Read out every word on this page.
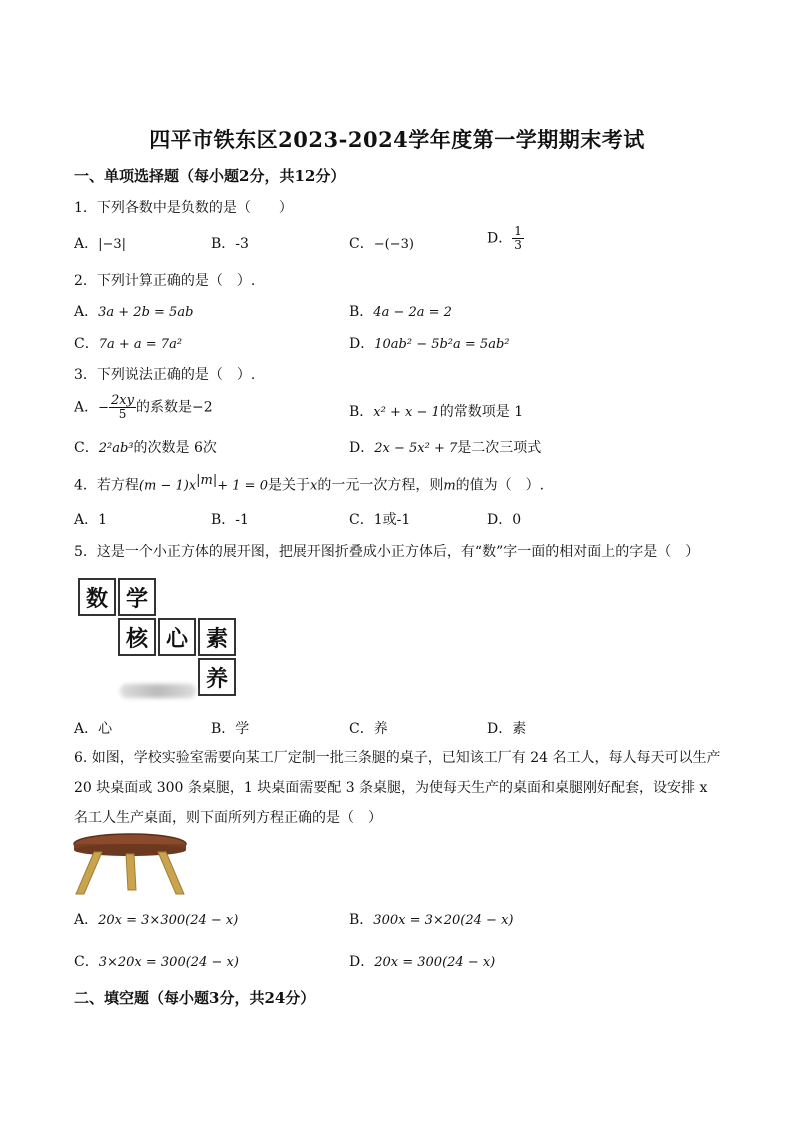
四平市铁东区2023-2024学年度第一学期期末考试
一、单项选择题（每小题2分，共12分）
1．下列各数中是负数的是（　　）
A．|−3|	B．-3	C．−(−3)	D． $\frac{1}{3}$
2．下列计算正确的是（　）.
A．3a + 2b = 5ab	B．4a − 2a = 2
C．7a + a = 7a²	D．10ab² − 5b²a = 5ab²
3．下列说法正确的是（　）.
A．− $\frac{2xy}{5}$ 的系数是−2	B．x² + x − 1的常数项是 1
C．2²ab³的次数是 6次	D．2x − 5x² + 7是二次三项式
4．若方程$(m - 1)x^{|m|}+ 1 = 0$是关于x的一元一次方程，则m的值为（　）.
A．1	B．-1	C．1或-1	D．0
5．这是一个小正方体的展开图，把展开图折叠成小正方体后，有“数”字一面的相对面上的字是（　）
数 学
核 心 素
养
A．心	B．学	C．养	D．素
6. 如图，学校实验室需要向某工厂定制一批三条腿的桌子，已知该工厂有 24 名工人，每人每天可以生产 20 块桌面或 300 条桌腿，1 块桌面需要配 3 条桌腿，为使每天生产的桌面和桌腿刚好配套，设安排 x 名工人生产桌面，则下面所列方程正确的是（　）
A．20x = 3×300(24 − x)	B．300x = 3×20(24 − x)
C．3×20x = 300(24 − x)	D．20x = 300(24 − x)
二、填空题（每小题3分，共24分）
